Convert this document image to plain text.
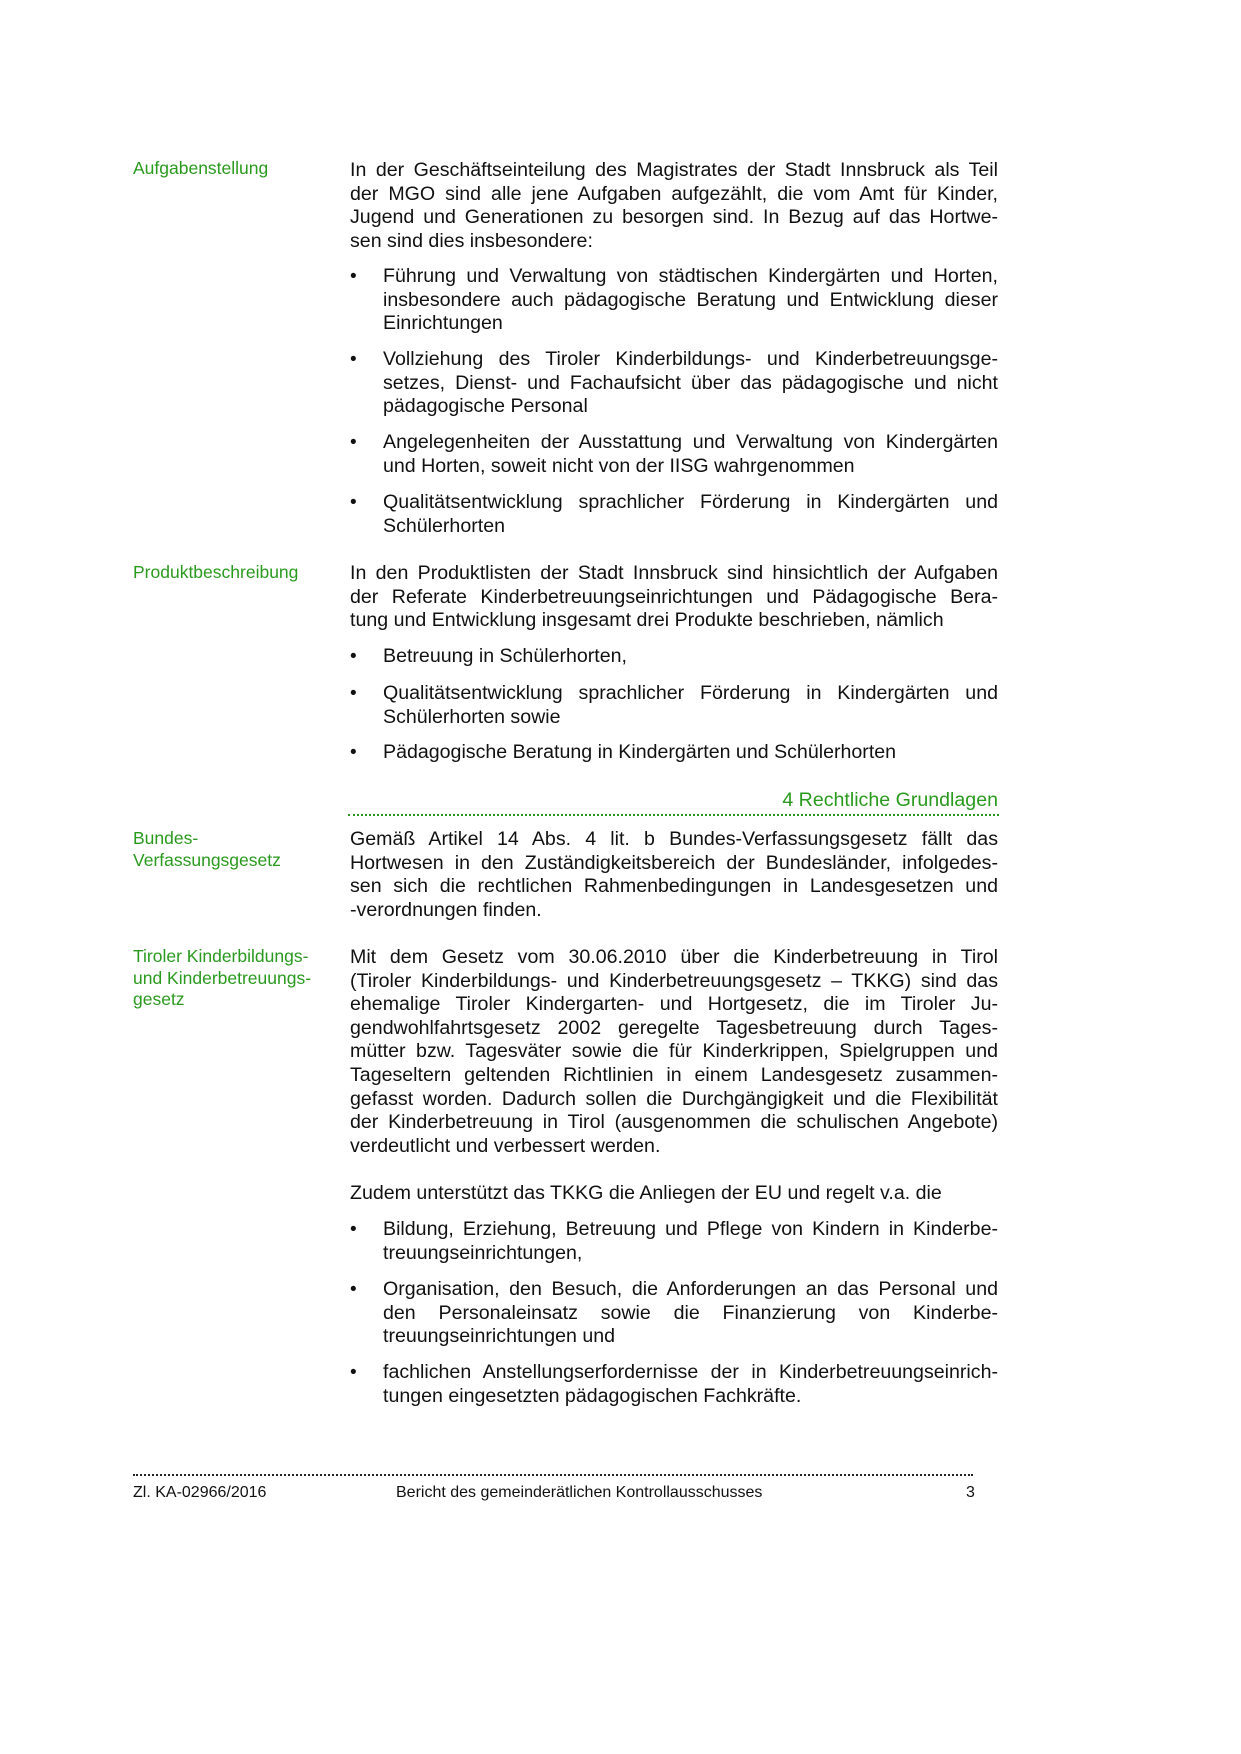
4 Rechtliche Grundlagen
Zl. KA-02966/2016	Bericht des gemeinderätlichen Kontrollausschusses	3
Aufgabenstellung	In der Geschäftseinteilung des Magistrates der Stadt Innsbruck als Teil
der MGO sind alle jene Aufgaben aufgezählt, die vom Amt für Kinder,
Jugend und Generationen zu besorgen sind. In Bezug auf das Hortwe-
sen sind dies insbesondere:
• Führung und Verwaltung von städtischen Kindergärten und Horten,
insbesondere auch pädagogische Beratung und Entwicklung dieser
Einrichtungen
• Vollziehung des Tiroler Kinderbildungs- und Kinderbetreuungsge-
setzes, Dienst- und Fachaufsicht über das pädagogische und nicht
pädagogische Personal
• Angelegenheiten der Ausstattung und Verwaltung von Kindergärten
und Horten, soweit nicht von der IISG wahrgenommen
• Qualitätsentwicklung sprachlicher Förderung in Kindergärten und
Schülerhorten
Produktbeschreibung	In den Produktlisten der Stadt Innsbruck sind hinsichtlich der Aufgaben
der Referate Kinderbetreuungseinrichtungen und Pädagogische Bera-
tung und Entwicklung insgesamt drei Produkte beschrieben, nämlich
• Betreuung in Schülerhorten,
• Qualitätsentwicklung sprachlicher Förderung in Kindergärten und
Schülerhorten sowie
• Pädagogische Beratung in Kindergärten und Schülerhorten
Bundes-
Verfassungsgesetz
Gemäß Artikel 14 Abs. 4 lit. b Bundes-Verfassungsgesetz fällt das
Hortwesen in den Zuständigkeitsbereich der Bundesländer, infolgedes-
sen sich die rechtlichen Rahmenbedingungen in Landesgesetzen und
-verordnungen finden.
Tiroler Kinderbildungs-
und Kinderbetreuungs-
gesetz
Mit dem Gesetz vom 30.06.2010 über die Kinderbetreuung in Tirol
(Tiroler Kinderbildungs- und Kinderbetreuungsgesetz – TKKG) sind das
ehemalige Tiroler Kindergarten- und Hortgesetz, die im Tiroler Ju-
gendwohlfahrtsgesetz 2002 geregelte Tagesbetreuung durch Tages-
mütter bzw. Tagesväter sowie die für Kinderkrippen, Spielgruppen und
Tageseltern geltenden Richtlinien in einem Landesgesetz zusammen-
gefasst worden. Dadurch sollen die Durchgängigkeit und die Flexibilität
der Kinderbetreuung in Tirol (ausgenommen die schulischen Angebote)
verdeutlicht und verbessert werden.
Zudem unterstützt das TKKG die Anliegen der EU und regelt v.a. die
• Bildung, Erziehung, Betreuung und Pflege von Kindern in Kinderbe-
treuungseinrichtungen,
• Organisation, den Besuch, die Anforderungen an das Personal und
den Personaleinsatz sowie die Finanzierung von Kinderbe-
treuungseinrichtungen und
• fachlichen Anstellungserfordernisse der in Kinderbetreuungseinrich-
tungen eingesetzten pädagogischen Fachkräfte.
